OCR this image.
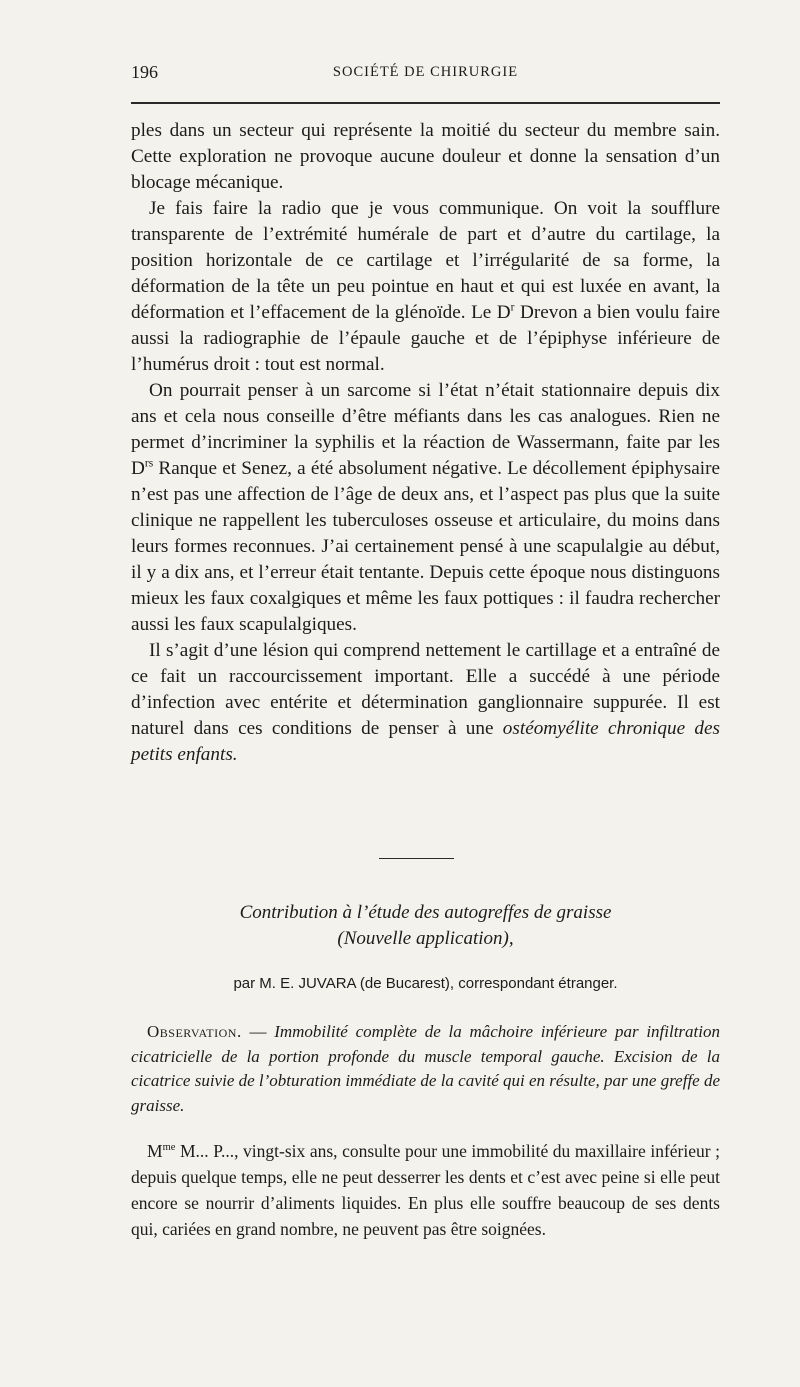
196	SOCIÉTÉ DE CHIRURGIE

ples dans un secteur qui représente la moitié du secteur du membre sain. Cette exploration ne provoque aucune douleur et donne la sensation d’un blocage mécanique.

Je fais faire la radio que je vous communique. On voit la soufflure transparente de l’extrémité humérale de part et d’autre du cartilage, la position horizontale de ce cartilage et l’irrégularité de sa forme, la déformation de la tête un peu pointue en haut et qui est luxée en avant, la déformation et l’effacement de la glénoïde. Le $D^r$ Drevon a bien voulu faire aussi la radiographie de l’épaule gauche et de l’épiphyse inférieure de l’humérus droit : tout est normal.

On pourrait penser à un sarcome si l’état n’était stationnaire depuis dix ans et cela nous conseille d’être méfiants dans les cas analogues. Rien ne permet d’incriminer la syphilis et la réaction de Wassermann, faite par les $D^{rs}$ Ranque et Senez, a été absolument négative. Le décollement épiphysaire n’est pas une affection de l’âge de deux ans, et l’aspect pas plus que la suite clinique ne rappellent les tuberculoses osseuse et articulaire, du moins dans leurs formes reconnues. J’ai certainement pensé à une scapulalgie au début, il y a dix ans, et l’erreur était tentante. Depuis cette époque nous distinguons mieux les faux coxalgiques et même les faux pottiques : il faudra rechercher aussi les faux scapulalgiques.

Il s’agit d’une lésion qui comprend nettement le cartillage et a entraîné de ce fait un raccourcissement important. Elle a succédé à une période d’infection avec entérite et détermination ganglionnaire suppurée. Il est naturel dans ces conditions de penser à une ostéomyélite chronique des petits enfants.

Contribution à l’étude des autogreffes de graisse
(Nouvelle application),
par M. E. JUVARA (de Bucarest), correspondant étranger.

Observation. — Immobilité complète de la mâchoire inférieure par infiltration cicatricielle de la portion profonde du muscle temporal gauche. Excision de la cicatrice suivie de l’obturation immédiate de la cavité qui en résulte, par une greffe de graisse.

$M^{me}$ M... P..., vingt-six ans, consulte pour une immobilité du maxillaire inférieur ; depuis quelque temps, elle ne peut desserrer les dents et c’est avec peine si elle peut encore se nourrir d’aliments liquides. En plus elle souffre beaucoup de ses dents qui, cariées en grand nombre, ne peuvent pas être soignées.
